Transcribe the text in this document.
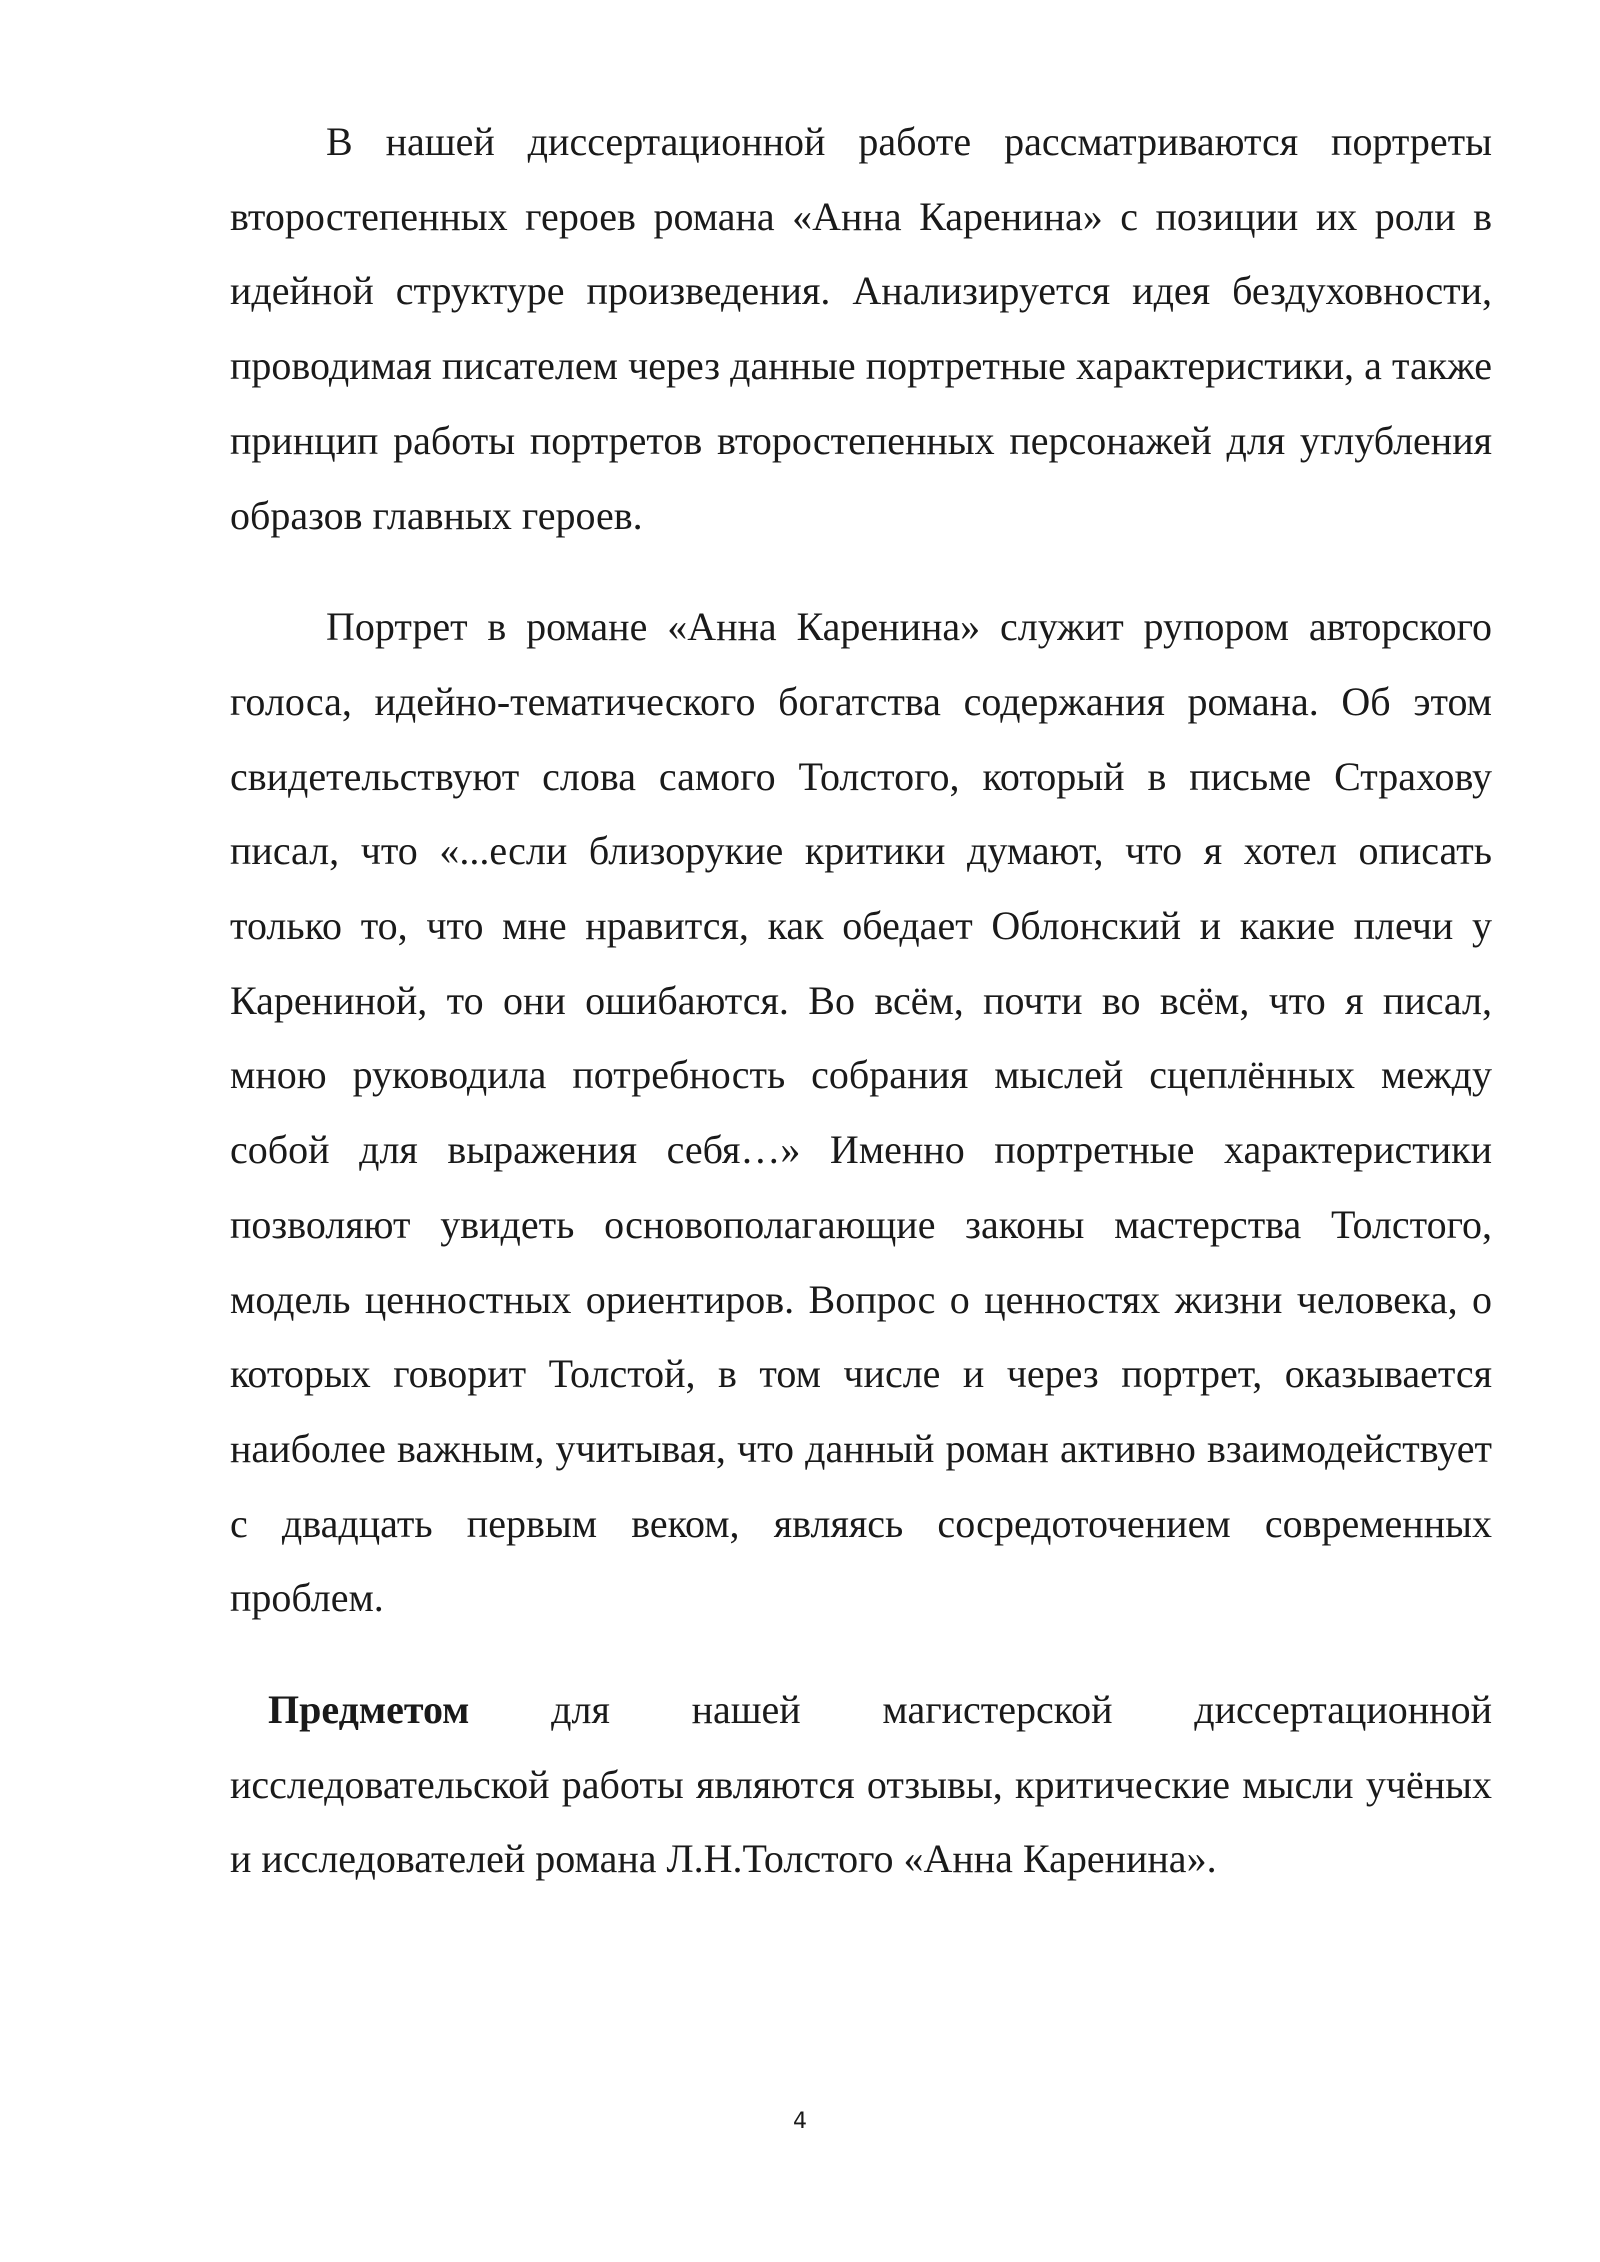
В нашей диссертационной работе рассматриваются портреты второстепенных героев романа «Анна Каренина» с позиции их роли в идейной структуре произведения. Анализируется идея бездуховности, проводимая писателем через данные портретные характеристики, а также принцип работы портретов второстепенных персонажей для углубления образов главных героев.

Портрет в романе «Анна Каренина» служит рупором авторского голоса, идейно-тематического богатства содержания романа. Об этом свидетельствуют слова самого Толстого, который в письме Страхову писал, что «...если близорукие критики думают, что я хотел описать только то, что мне нравится, как обедает Облонский и какие плечи у Карениной, то они ошибаются. Во всём, почти во всём, что я писал, мною руководила потребность собрания мыслей сцеплённых между собой для выражения себя…» Именно портретные характеристики позволяют увидеть основополагающие законы мастерства Толстого, модель ценностных ориентиров. Вопрос о ценностях жизни человека, о которых говорит Толстой, в том числе и через портрет, оказывается наиболее важным, учитывая, что данный роман активно взаимодействует с двадцать первым веком, являясь сосредоточением современных проблем.

Предметом для нашей магистерской диссертационной исследовательской работы являются отзывы, критические мысли учёных и исследователей романа Л.Н.Толстого «Анна Каренина».

4
